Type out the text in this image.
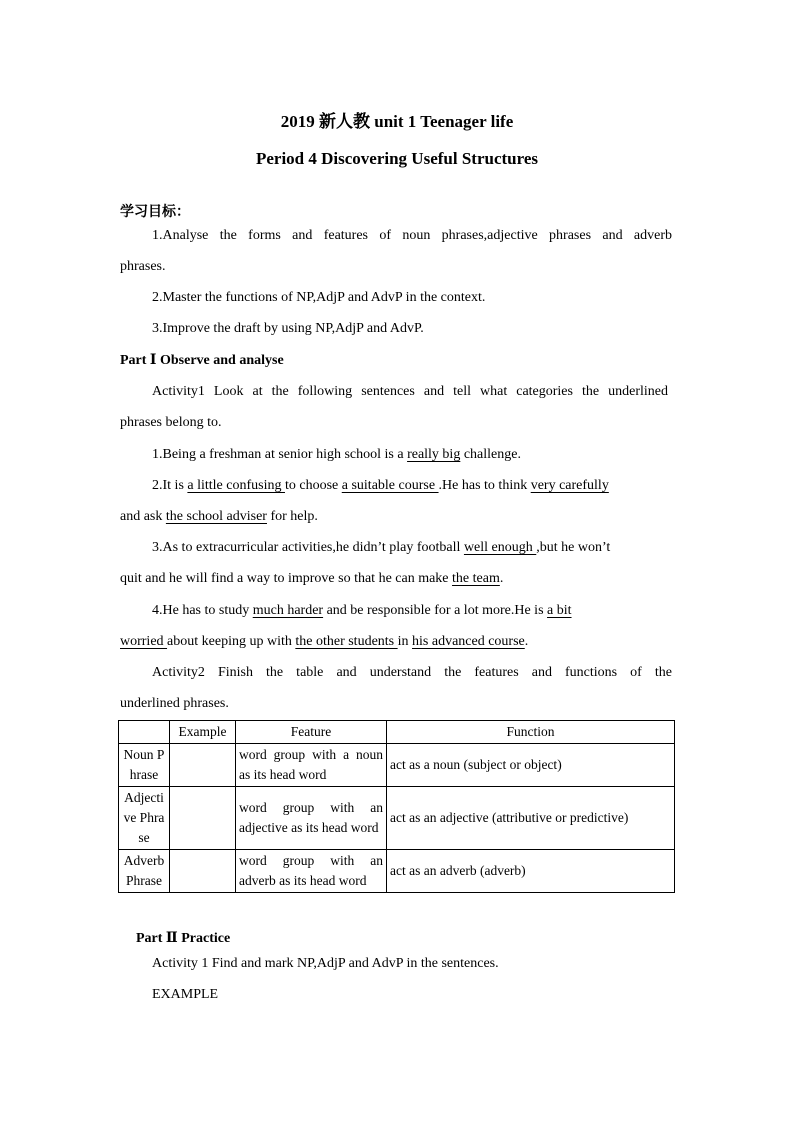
2019 新人教 unit 1 Teenager life
Period 4 Discovering Useful Structures
学习目标：
1.Analyse the forms and features of noun phrases,adjective phrases and adverb
phrases.
2.Master the functions of NP,AdjP and AdvP in the context.
3.Improve the draft by using NP,AdjP and AdvP.
Part Ⅰ Observe and analyse
Activity1 Look at the following sentences and tell what categories the underlined
phrases belong to.
1.Being a freshman at senior high school is a really big challenge.
2.It is a little confusing to choose a suitable course .He has to think very carefully
and ask the school adviser for help.
3.As to extracurricular activities,he didn’t play football well enough ,but he won’t
quit and he will find a way to improve so that he can make the team.
4.He has to study much harder and be responsible for a lot more.He is a bit
worried about keeping up with the other students in his advanced course.
Activity2 Finish the table and understand the features and functions of the
underlined phrases.
	Example	Feature	Function
Noun Phrase		word group with a noun as its head word	act as a noun (subject or object)
Adjective Phrase		word group with an adjective as its head word	act as an adjective (attributive or predictive)
Adverb Phrase		word group with an adverb as its head word	act as an adverb (adverb)
Part Ⅱ Practice
Activity 1 Find and mark NP,AdjP and AdvP in the sentences.
EXAMPLE
